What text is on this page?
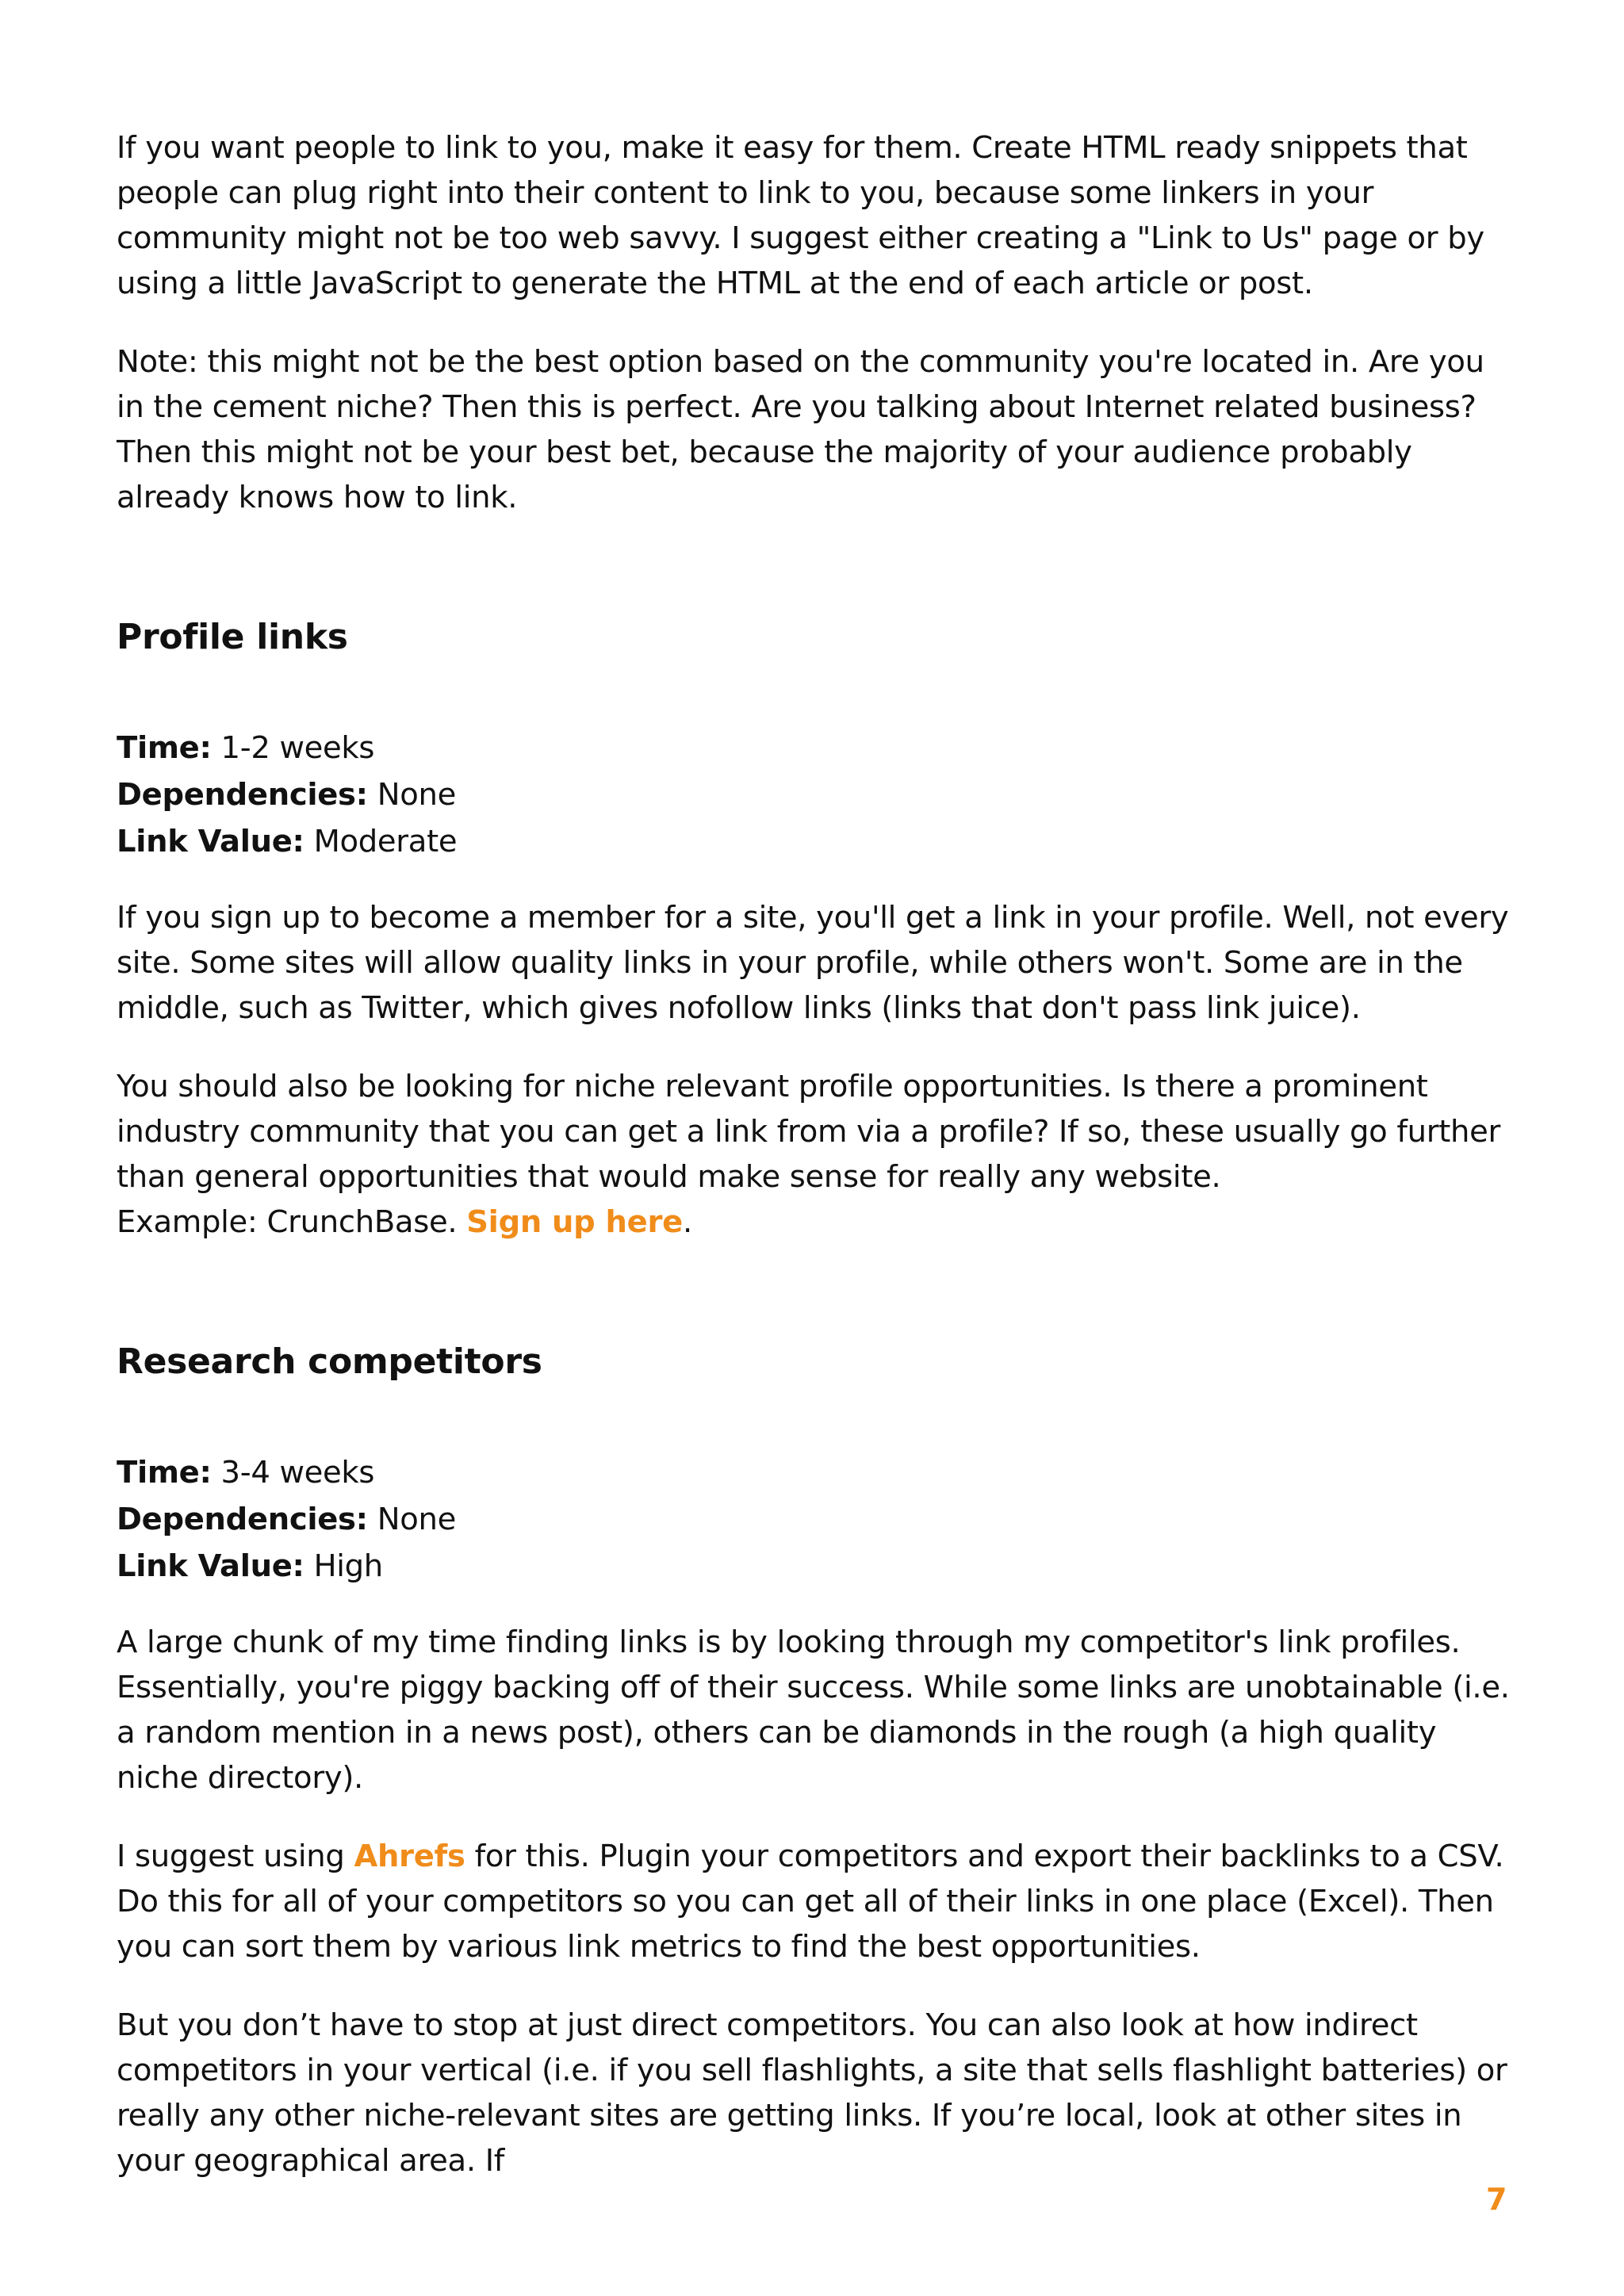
If you want people to link to you, make it easy for them. Create HTML ready snippets that people can plug right into their content to link to you, because some linkers in your community might not be too web savvy. I suggest either creating a "Link to Us" page or by using a little JavaScript to generate the HTML at the end of each article or post.

Note: this might not be the best option based on the community you're located in. Are you in the cement niche? Then this is perfect. Are you talking about Internet related business? Then this might not be your best bet, because the majority of your audience probably already knows how to link.

Profile links

Time: 1-2 weeks

Dependencies: None

Link Value: Moderate

If you sign up to become a member for a site, you'll get a link in your profile. Well, not every site. Some sites will allow quality links in your profile, while others won't. Some are in the middle, such as Twitter, which gives nofollow links (links that don't pass link juice).

You should also be looking for niche relevant profile opportunities. Is there a prominent industry community that you can get a link from via a profile? If so, these usually go further than general opportunities that would make sense for really any website.

Example: CrunchBase. Sign up here.

Research competitors

Time: 3-4 weeks

Dependencies: None

Link Value: High

A large chunk of my time finding links is by looking through my competitor's link profiles. Essentially, you're piggy backing off of their success. While some links are unobtainable (i.e. a random mention in a news post), others can be diamonds in the rough (a high quality niche directory).

I suggest using Ahrefs for this. Plugin your competitors and export their backlinks to a CSV. Do this for all of your competitors so you can get all of their links in one place (Excel). Then you can sort them by various link metrics to find the best opportunities.

But you don’t have to stop at just direct competitors. You can also look at how indirect competitors in your vertical (i.e. if you sell flashlights, a site that sells flashlight batteries) or really any other niche-relevant sites are getting links. If you’re local, look at other sites in your geographical area. If

7
